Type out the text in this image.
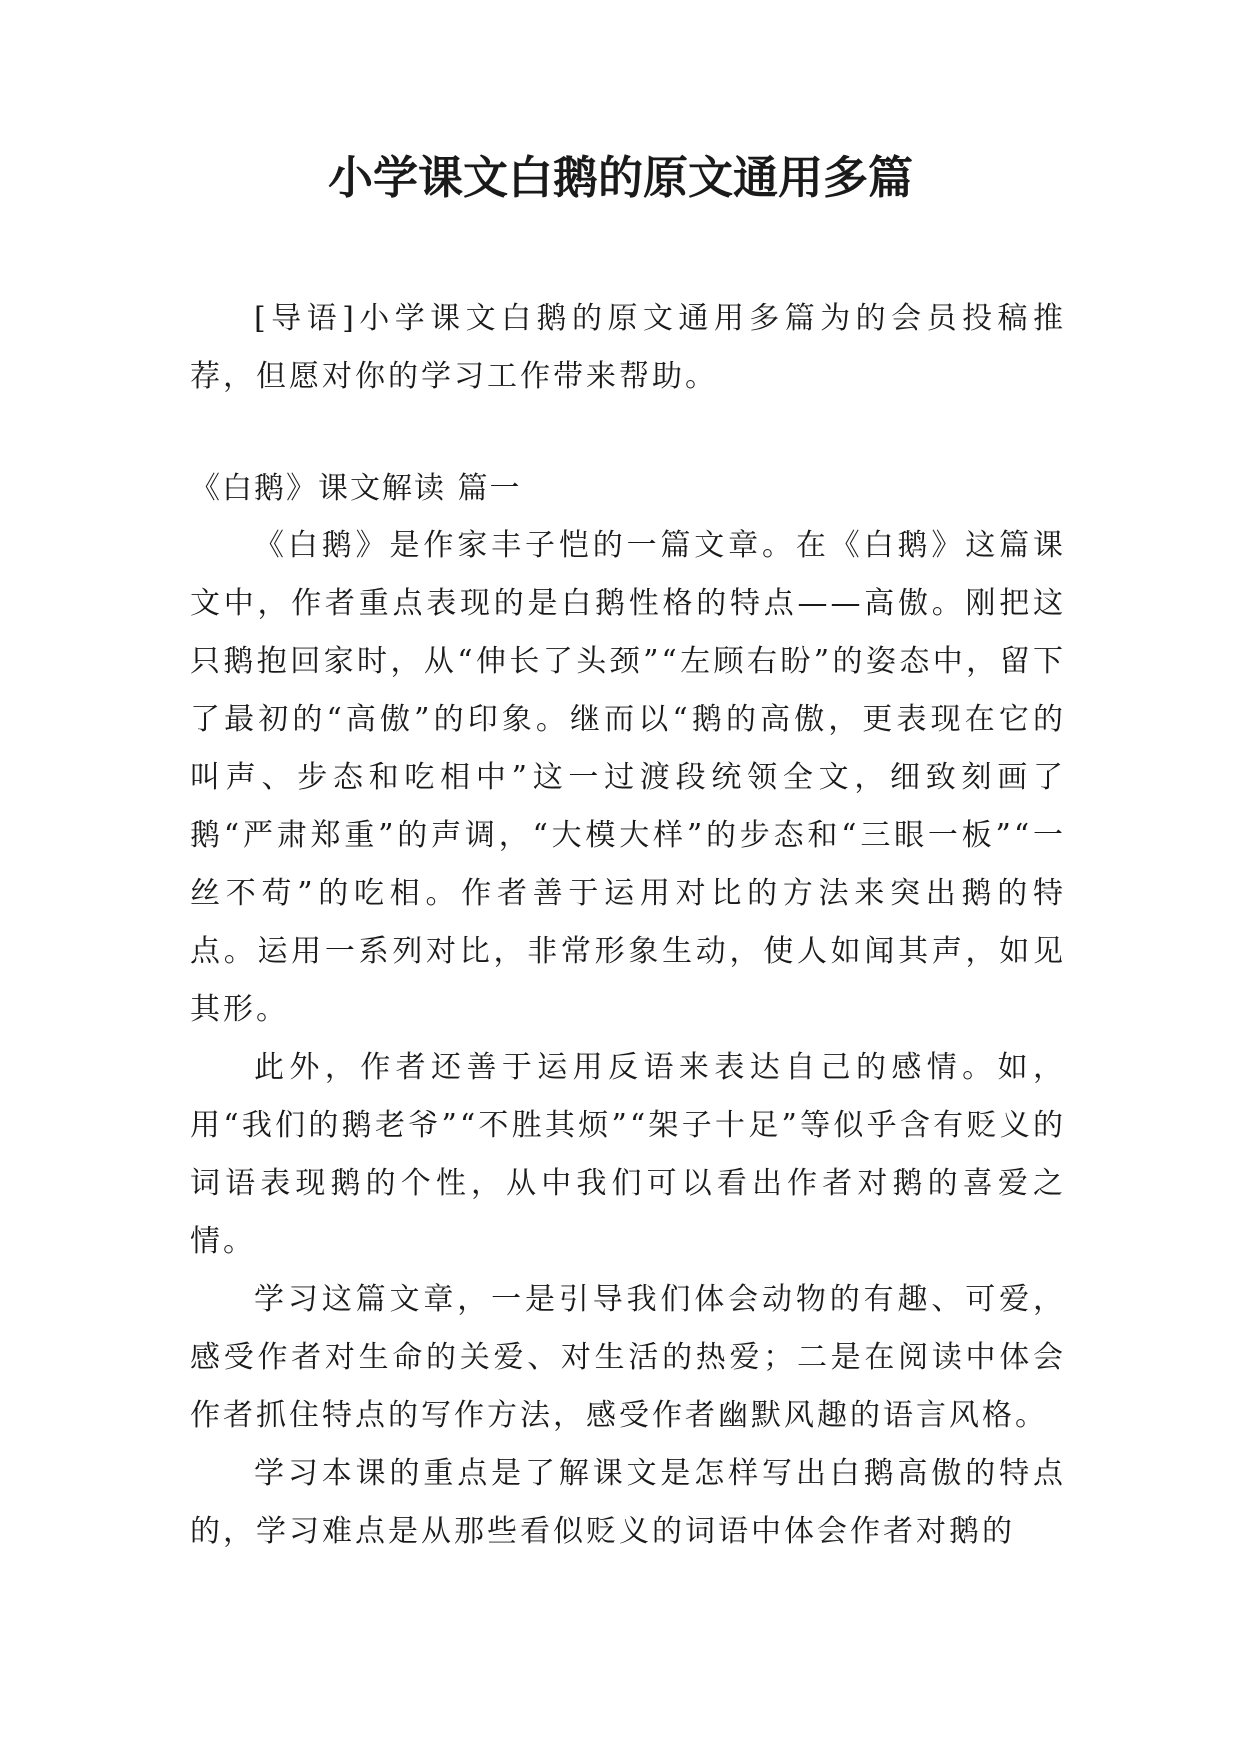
小学课文白鹅的原文通用多篇

[导语]小学课文白鹅的原文通用多篇为的会员投稿推荐，但愿对你的学习工作带来帮助。

《白鹅》课文解读 篇一

《白鹅》是作家丰子恺的一篇文章。在《白鹅》这篇课文中，作者重点表现的是白鹅性格的特点——高傲。刚把这只鹅抱回家时，从“伸长了头颈”“左顾右盼”的姿态中，留下了最初的“高傲”的印象。继而以“鹅的高傲，更表现在它的叫声、步态和吃相中”这一过渡段统领全文，细致刻画了鹅“严肃郑重”的声调，“大模大样”的步态和“三眼一板”“一丝不苟”的吃相。作者善于运用对比的方法来突出鹅的特点。运用一系列对比，非常形象生动，使人如闻其声，如见其形。

此外，作者还善于运用反语来表达自己的感情。如，用“我们的鹅老爷”“不胜其烦”“架子十足”等似乎含有贬义的词语表现鹅的个性，从中我们可以看出作者对鹅的喜爱之情。

学习这篇文章，一是引导我们体会动物的有趣、可爱，感受作者对生命的关爱、对生活的热爱；二是在阅读中体会作者抓住特点的写作方法，感受作者幽默风趣的语言风格。

学习本课的重点是了解课文是怎样写出白鹅高傲的特点的，学习难点是从那些看似贬义的词语中体会作者对鹅的
